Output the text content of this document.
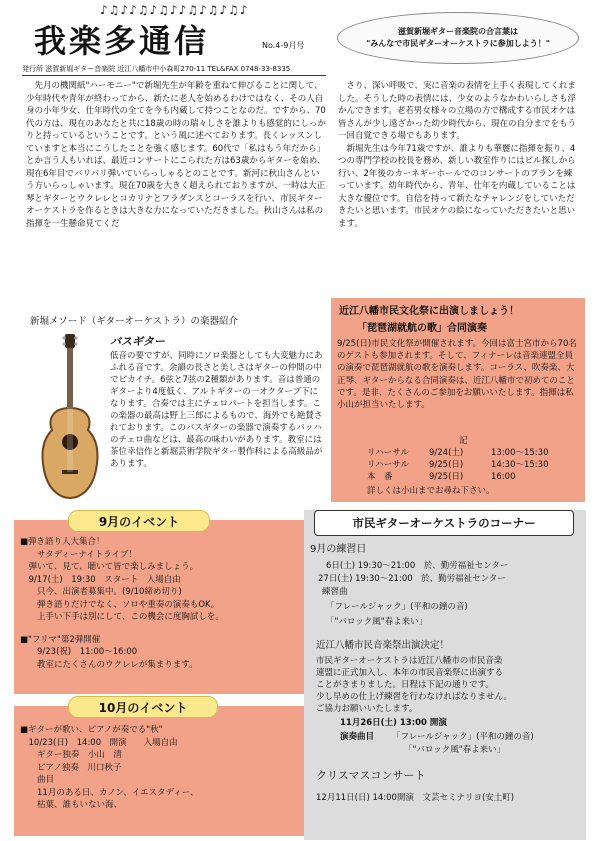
♪♫♪♪♫♪♫♪♪♫♪♫♪♫♪
我楽多通信	No.4-9月号
滋賀新堀ギター音楽院の合言葉は
"みんなで市民ギターオーケストラに参加しよう！"
発行所 滋賀新堀ギター音楽院 近江八幡市中小森町270-11 TEL&FAX 0748-33-8335
先月の機関紙"ハーモニー"で新堀先生が年齢を重ねて伸びることに関して、少年時代や青年が終わってから、新たに老人を始めるわけではなく、その人自身の小年少女、仕年時代の全てを今も内蔵して持つことなのだ。ですから、70代の方は、現在のあなたと共に18歳の時の瑞々しさを誰よりも感覚的にしっかりと持っているということです。という風に述べております。長くレッスンしていますと本当にこうしたことを強く感じます。60代で「私はもう年だから」とか言う人もいれば、最近コンサートにこられた方は63歳からギターを始め、現在6年目でバリバリ弾いていらっしゃるとのことです。新河に秋山さんという方いらっしゃいます。現在70歳を大きく超えられておりますが、一時は大正琴とギターとウクレレとコカリナとフラダンスとコーラスを行い、市民ギターオーケストラを作るときは大きな力になっていただきました。秋山さんは私の指揮を一生懸命見てくだ

さり、深い呼吸で、実に音楽の表情を上手く表現してくれました。そうした時の表情には、少女のようなかわいらしさも浮かんできます。老若男女様々の立場の方で構成する市民オケは皆さんが少し遠ざかった幼少時代から、現在の自分までをもう一回自覚できる場でもあります。

新堀先生は今年71歳ですが、誰よりも華麗に指揮を振り、4つの専門学校の校長を務め、新しい教室作りにはビル探しから行い、2年後のカーネギーホールでのコンサートのプランを練っています。幼年時代から、青年、仕年を内蔵していることは大きな優位です。自信を持って新たなチャレンジをしていただきたいと思います。市民オケの絵になっていただきたいと思います。

新堀メソード（ギターオーケストラ）の楽器紹介
バスギター
低音の要ですが、同時にソロ楽器としても大変魅力にあふれる音です。余韻の長さと美しさはギターの仲間の中でピカイチ。6弦と7弦の2種類があります。音は普通のギターより4度低く、アルトギターの一オクターブ下になります。合奏では主にチェロパートを担当します。この楽器の最高は野上三郎によるもので、海外でも絶賛されております。このバスギターの楽器で演奏するバッハのチェロ曲などは、最高の味わいがあります。教室には茶位幸信作と新堀芸術学院ギター製作科による高級品があります。
近江八幡市民文化祭に出演しましょう！
「琵琶湖就航の歌」合同演奏
9/25(日)市民文化祭が開催されます。今回は富士宮市から70名のゲストも参加されます。そして、フィナーレは音楽連盟全員の演奏で琵琶湖就航の歌を演奏します。コーラス、吹奏楽、大正琴、ギターからなる合同演奏は、近江八幡市で初めてのことです。是非、たくさんのご参加をお願いいたします。指揮は私小山が担当いたします。
記
リハーサル 9/24(土)	13:00～15:30
リハーサル 9/25(日)	14:30～15:30
本　番	9/25(日)	16:00
詳しくは小山までお尋ね下さい。
9月のイベント
■弾き語り人大集合！
　　サタディーナイトライブ！
　弾いて、見て、聴いて皆で楽しみましょう。
　9/17(土)　19:30　スタート　入場自由
　　只今、出演者募集中。(9/10締め切り)
　　弾き語りだけでなく、ソロや重奏の演奏もOK。
　　上手い下手は別にして、この機会に度胸試しを。
■"フリマ"第2弾開催
　　9/23(祝)　11:00～16:00
　　教室にたくさんのウクレレが集まります。
10月のイベント
■ギターが歌い、ピアノが奏でる"秋"
　10/23(日)　14:00　開演　　入場自由
　　ギター独奏　小山　清
　　ピアノ独奏　川口秋子
　　曲目
　　11月のある日、カノン、イエスタディー、
　　枯葉、誰もいない海、
市民ギターオーケストラのコーナー
9月の練習日
6日(土) 19:30～21:00　於、勤労福祉センター
27日(土) 19:30～21:00　於、勤労福祉センター
練習曲
「フレールジャック」(平和の鐘の音)
「"バロック風"春よ来い」
近江八幡市民音楽祭出演決定！
市民ギターオーケストラは近江八幡市の市民音楽
連盟に正式加入し、本年の市民音楽祭に出演する
ことがきまりました。日程は下記の通りです。
少し早めの仕上げ練習を行わなければなりません。
ご協力お願いいたします。
11月26日(土) 13:00 開演
演奏曲目 「フレールジャック」(平和の鐘の音)
「"バロック風"春よ来い」
クリスマスコンサート
12月11日(日) 14:00開演　文芸セミナリヨ(安土町)
